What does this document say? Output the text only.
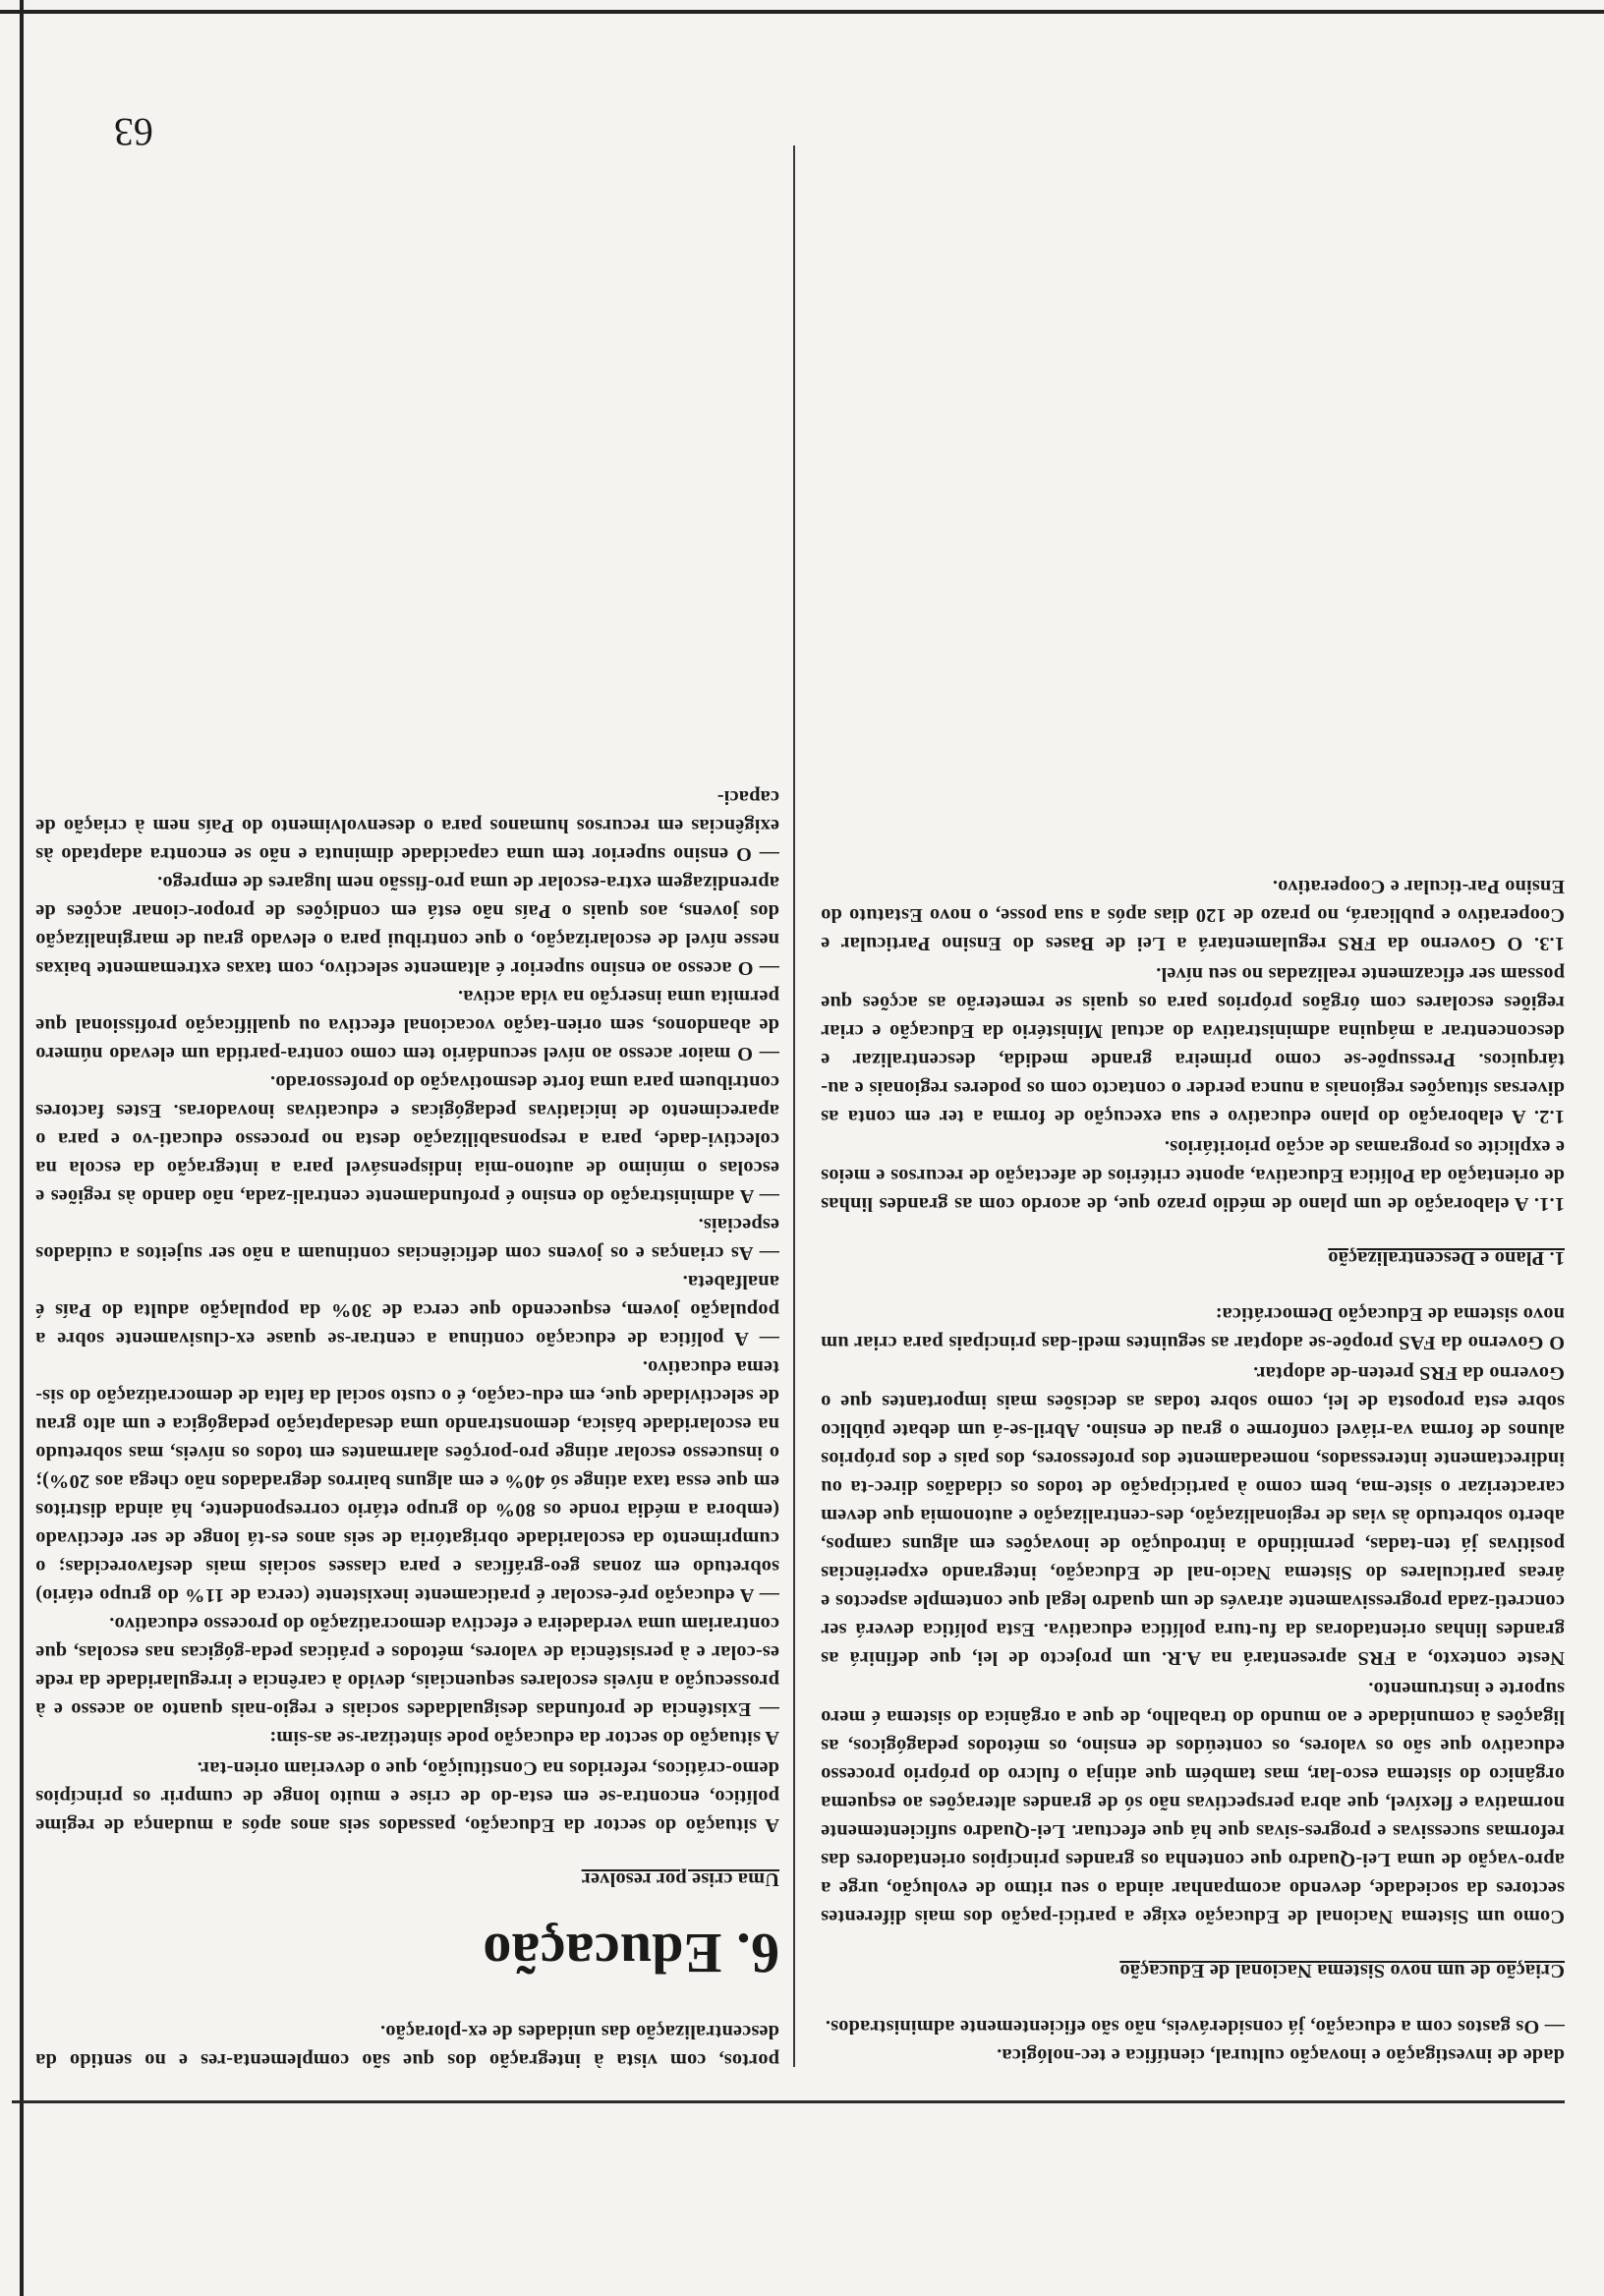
dade de investigação e inovação cultural, científica e tec-nológica.

— Os gastos com a educação, já consideráveis, não são eficientemente administrados.

Criação de um novo Sistema Nacional de Educação

Como um Sistema Nacional de Educação exige a partici-pação dos mais diferentes sectores da sociedade, devendo acompanhar ainda o seu ritmo de evolução, urge a apro-vação de uma Lei-Quadro que contenha os grandes princípios orientadores das reformas sucessivas e progres-sivas que há que efectuar. Lei-Quadro suficientemente normativa e flexível, que abra perspectivas não só de grandes alterações ao esquema orgânico do sistema esco-lar, mas também que atinja o fulcro do próprio processo educativo que são os valores, os conteúdos de ensino, os métodos pedagógicos, as ligações à comunidade e ao mundo do trabalho, de que a orgânica do sistema é mero suporte e instrumento.

Neste contexto, a FRS apresentará na A.R. um projecto de lei, que definirá as grandes linhas orientadoras da fu-tura política educativa. Esta política deverá ser concreti-zada progressivamente através de um quadro legal que contemple aspectos e áreas particulares do Sistema Nacio-nal de Educação, integrando experiências positivas já ten-tadas, permitindo a introdução de inovações em alguns campos, aberto sobretudo às vias de regionalização, des-centralização e autonomia que devem caracterizar o siste-ma, bem como à participação de todos os cidadãos direc-ta ou indirectamente interessados, nomeadamente dos professores, dos pais e dos próprios alunos de forma va-riável conforme o grau de ensino. Abril-se-á um debate público sobre esta proposta de lei, como sobre todas as decisões mais importantes que o Governo da FRS preten-de adoptar.

O Governo da FAS propõe-se adoptar as seguintes medi-das principais para criar um novo sistema de Educação Democrática:

1. Plano e Descentralização

1.1. A elaboração de um plano de médio prazo que, de acordo com as grandes linhas de orientação da Política Educativa, aponte critérios de afectação de recursos e meios e explicite os programas de acção prioritários.

1.2. A elaboração do plano educativo e sua execução de forma a ter em conta as diversas situações regionais a nunca perder o contacto com os poderes regionais e au-tárquicos. Pressupõe-se como primeira grande medida, descentralizar e desconcentrar a máquina administrativa do actual Ministério da Educação e criar regiões escolares com órgãos próprios para os quais se remeterão as acções que possam ser eficazmente realizadas no seu nível.

1.3. O Governo da FRS regulamentará a Lei de Bases do Ensino Particular e Cooperativo e publicará, no prazo de 120 dias após a sua posse, o novo Estatuto do Ensino Par-ticular e Cooperativo.

portos, com vista à integração dos que são complementa-res e no sentido da descentralização das unidades de ex-ploração.

6. Educação
Uma crise por resolver

A situação do sector da Educação, passados seis anos após a mudança de regime político, encontra-se em esta-do de crise e muito longe de cumprir os princípios demo-cráticos, referidos na Constituição, que o deveriam orien-tar.

A situação do sector da educação pode sintetizar-se as-sim:

— Existência de profundas desigualdades sociais e regio-nais quanto ao acesso e à prossecução a níveis escolares sequenciais, devido à carência e irregularidade da rede es-colar e à persistência de valores, métodos e práticas peda-gógicas nas escolas, que contrariam uma verdadeira e efectiva democratização do processo educativo.

— A educação pré-escolar é praticamente inexistente (cerca de 11% do grupo etário) sobretudo em zonas geo-gráficas e para classes sociais mais desfavorecidas; o cumprimento da escolaridade obrigatória de seis anos es-tá longe de ser efectivado (embora a média ronde os 80% do grupo etário correspondente, há ainda distritos em que essa taxa atinge só 40% e em alguns bairros degradados não chega aos 20%); o insucesso escolar atinge pro-porções alarmantes em todos os níveis, mas sobretudo na escolaridade básica, demonstrando uma desadaptação pedagógica e um alto grau de selectividade que, em edu-cação, é o custo social da falta de democratização do sis-tema educativo.

— A política de educação continua a centrar-se quase ex-clusivamente sobre a população jovem, esquecendo que cerca de 30% da população adulta do País é analfabeta.

— As crianças e os jovens com deficiências continuam a não ser sujeitos a cuidados especiais.

— A administração do ensino é profundamente centrali-zada, não dando às regiões e escolas o mínimo de autono-mia indispensável para a integração da escola na colectivi-dade, para a responsabilização desta no processo educati-vo e para o aparecimento de iniciativas pedagógicas e educativas inovadoras. Estes factores contribuem para uma forte desmotivação do professorado.

— O maior acesso ao nível secundário tem como contra-partida um elevado número de abandonos, sem orien-tação vocacional efectiva ou qualificação profissional que permita uma inserção na vida activa.

— O acesso ao ensino superior é altamente selectivo, com taxas extremamente baixas nesse nível de escolarização, o que contribui para o elevado grau de marginalização dos jovens, aos quais o País não está em condições de propor-cionar acções de aprendizagem extra-escolar de uma pro-fissão nem lugares de emprego.

— O ensino superior tem uma capacidade diminuta e não se encontra adaptado às exigências em recursos humanos para o desenvolvimento do País nem à criação de capaci-

63
